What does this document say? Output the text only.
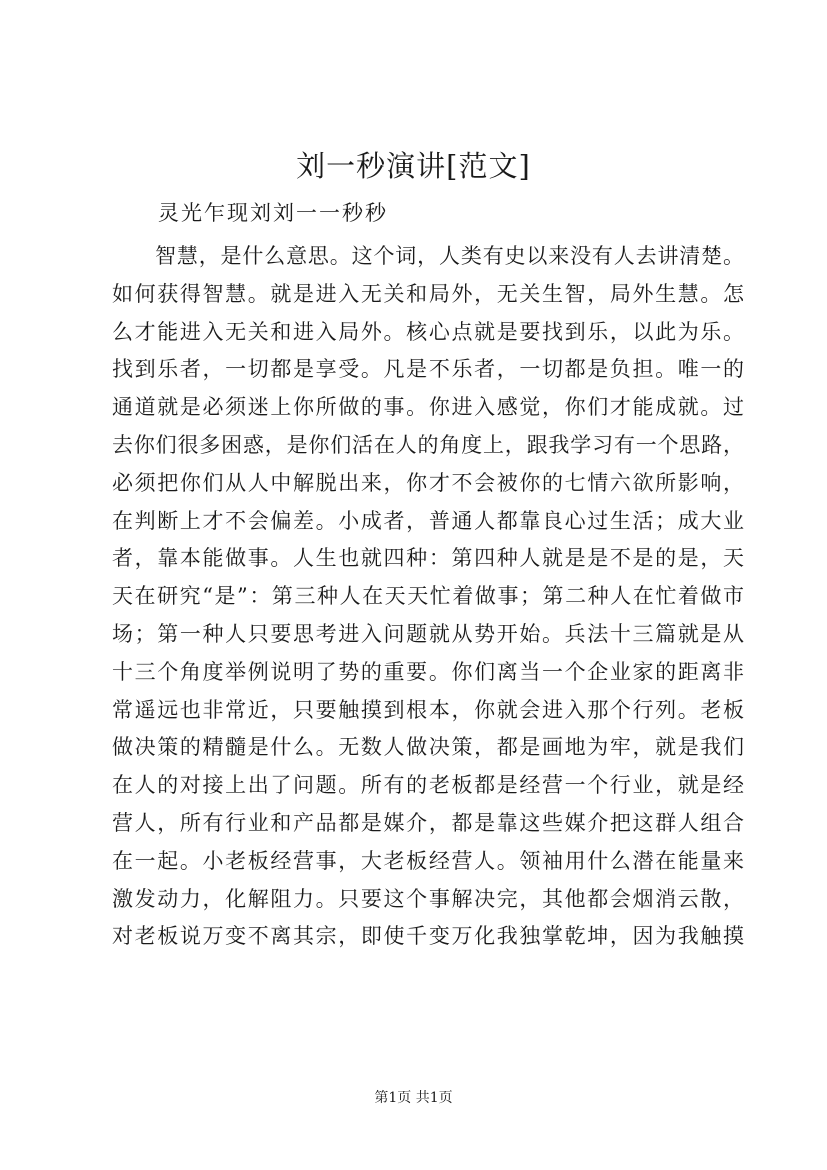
刘一秒演讲[范文]
灵光乍现刘刘一一秒秒
智慧，是什么意思。这个词，人类有史以来没有人去讲清楚。
如何获得智慧。就是进入无关和局外，无关生智，局外生慧。怎
么才能进入无关和进入局外。核心点就是要找到乐，以此为乐。
找到乐者，一切都是享受。凡是不乐者，一切都是负担。唯一的
通道就是必须迷上你所做的事。你进入感觉，你们才能成就。过
去你们很多困惑，是你们活在人的角度上，跟我学习有一个思路，
必须把你们从人中解脱出来，你才不会被你的七情六欲所影响，
在判断上才不会偏差。小成者，普通人都靠良心过生活；成大业
者，靠本能做事。人生也就四种：第四种人就是是不是的是，天
天在研究“是”：第三种人在天天忙着做事；第二种人在忙着做市
场；第一种人只要思考进入问题就从势开始。兵法十三篇就是从
十三个角度举例说明了势的重要。你们离当一个企业家的距离非
常遥远也非常近，只要触摸到根本，你就会进入那个行列。老板
做决策的精髓是什么。无数人做决策，都是画地为牢，就是我们
在人的对接上出了问题。所有的老板都是经营一个行业，就是经
营人，所有行业和产品都是媒介，都是靠这些媒介把这群人组合
在一起。小老板经营事，大老板经营人。领袖用什么潜在能量来
激发动力，化解阻力。只要这个事解决完，其他都会烟消云散，
对老板说万变不离其宗，即使千变万化我独掌乾坤，因为我触摸
第1页 共1页
